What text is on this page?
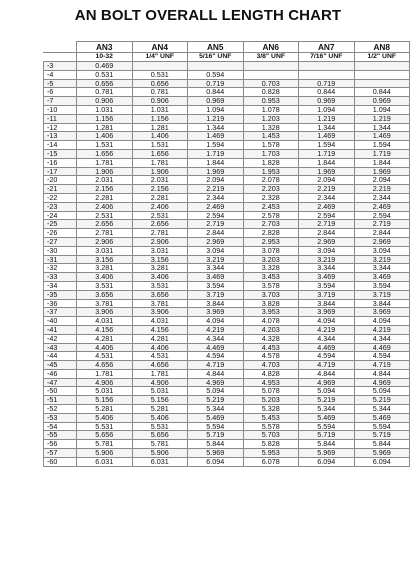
AN BOLT OVERALL LENGTH CHART
	AN3	AN4	AN5	AN6	AN7	AN8
	10-32	1/4" UNF	5/16" UNF	3/8" UNF	7/16" UNF	1/2" UNF
-3	0.469					
-4	0.531	0.531	0.594			
-5	0.656	0.656	0.719	0.703	0.719	
-6	0.781	0.781	0.844	0.828	0.844	0.844
-7	0.906	0.906	0.969	0.953	0.969	0.969
-10	1.031	1.031	1.094	1.078	1.094	1.094
-11	1.156	1.156	1.219	1.203	1.219	1.219
-12	1.281	1.281	1.344	1.328	1.344	1.344
-13	1.406	1.406	1.469	1.453	1.469	1.469
-14	1.531	1.531	1.594	1.578	1.594	1.594
-15	1.656	1.656	1.719	1.703	1.719	1.719
-16	1.781	1.781	1.844	1.828	1.844	1.844
-17	1.906	1.906	1.969	1.953	1.969	1.969
-20	2.031	2.031	2.094	2.078	2.094	2.094
-21	2.156	2.156	2.219	2.203	2.219	2.219
-22	2.281	2.281	2.344	2.328	2.344	2.344
-23	2.406	2.406	2.469	2.453	2.469	2.469
-24	2.531	2.531	2.594	2.578	2.594	2.594
-25	2.656	2.656	2.719	2.703	2.719	2.719
-26	2.781	2.781	2.844	2.828	2.844	2.844
-27	2.906	2.906	2.969	2.953	2.969	2.969
-30	3.031	3.031	3.094	3.078	3.094	3.094
-31	3.156	3.156	3.219	3.203	3.219	3.219
-32	3.281	3.281	3.344	3.328	3.344	3.344
-33	3.406	3.406	3.469	3.453	3.469	3.469
-34	3.531	3.531	3.594	3.578	3.594	3.594
-35	3.656	3.656	3.719	3.703	3.719	3.719
-36	3.781	3.781	3.844	3.828	3.844	3.844
-37	3.906	3.906	3.969	3.953	3.969	3.969
-40	4.031	4.031	4.094	4.078	4.094	4.094
-41	4.156	4.156	4.219	4.203	4.219	4.219
-42	4.281	4.281	4.344	4.328	4.344	4.344
-43	4.406	4.406	4.469	4.453	4.469	4.469
-44	4.531	4.531	4.594	4.578	4.594	4.594
-45	4.656	4.656	4.719	4.703	4.719	4.719
-46	1.781	1.781	4.844	4.828	4.844	4.844
-47	4.906	4.906	4.969	4.953	4.969	4.969
-50	5.031	5.031	5.094	5.078	5.094	5.094
-51	5.156	5.156	5.219	5.203	5.219	5.219
-52	5.281	5.281	5.344	5.328	5.344	5.344
-53	5.406	5.406	5.469	5.453	5.469	5.469
-54	5.531	5.531	5.594	5.578	5.594	5.594
-55	5.656	5.656	5.719	5.703	5.719	5.719
-56	5.781	5.781	5.844	5.828	5.844	5.844
-57	5.906	5.906	5.969	5.953	5.969	5.969
-60	6.031	6.031	6.094	6.078	6.094	6.094
